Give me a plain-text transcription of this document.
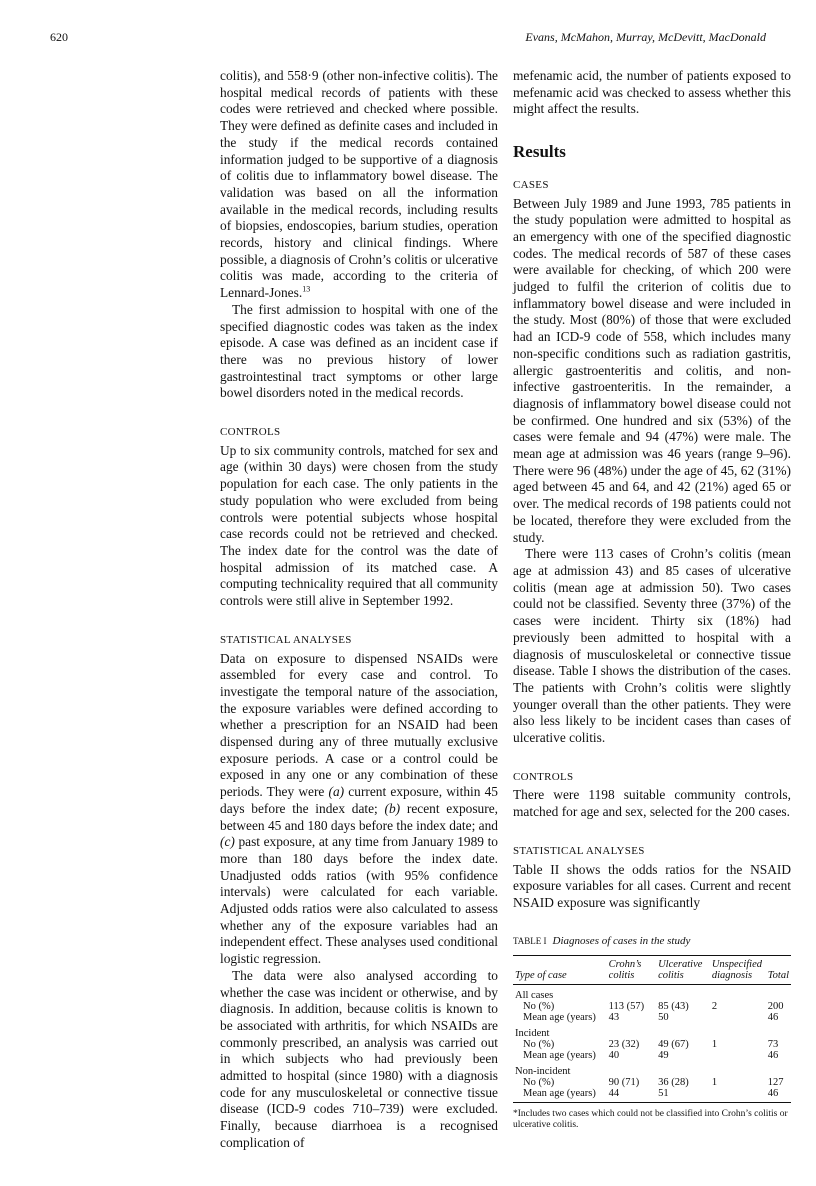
620	Evans, McMahon, Murray, McDevitt, MacDonald

colitis), and 558·9 (other non-infective colitis). The hospital medical records of patients with these codes were retrieved and checked where possible. They were defined as definite cases and included in the study if the medical records contained information judged to be supportive of a diagnosis of colitis due to inflammatory bowel disease. The validation was based on all the information available in the medical records, including results of biopsies, endoscopies, barium studies, operation records, history and clinical findings. Where possible, a diagnosis of Crohn’s colitis or ulcerative colitis was made, according to the criteria of Lennard-Jones.$^{13}$

The first admission to hospital with one of the specified diagnostic codes was taken as the index episode. A case was defined as an incident case if there was no previous history of lower gastrointestinal tract symptoms or other large bowel disorders noted in the medical records.

CONTROLS

Up to six community controls, matched for sex and age (within 30 days) were chosen from the study population for each case. The only patients in the study population who were excluded from being controls were potential subjects whose hospital case records could not be retrieved and checked. The index date for the control was the date of hospital admission of its matched case. A computing technicality required that all community controls were still alive in September 1992.

STATISTICAL ANALYSES

Data on exposure to dispensed NSAIDs were assembled for every case and control. To investigate the temporal nature of the association, the exposure variables were defined according to whether a prescription for an NSAID had been dispensed during any of three mutually exclusive exposure periods. A case or a control could be exposed in any one or any combination of these periods. They were (a) current exposure, within 45 days before the index date; (b) recent exposure, between 45 and 180 days before the index date; and (c) past exposure, at any time from January 1989 to more than 180 days before the index date. Unadjusted odds ratios (with 95% confidence intervals) were calculated for each variable. Adjusted odds ratios were also calculated to assess whether any of the exposure variables had an independent effect. These analyses used conditional logistic regression.

The data were also analysed according to whether the case was incident or otherwise, and by diagnosis. In addition, because colitis is known to be associated with arthritis, for which NSAIDs are commonly prescribed, an analysis was carried out in which subjects who had previously been admitted to hospital (since 1980) with a diagnosis code for any musculoskeletal or connective tissue disease (ICD-9 codes 710–739) were excluded. Finally, because diarrhoea is a recognised complication of

mefenamic acid, the number of patients exposed to mefenamic acid was checked to assess whether this might affect the results.

Results
CASES

Between July 1989 and June 1993, 785 patients in the study population were admitted to hospital as an emergency with one of the specified diagnostic codes. The medical records of 587 of these cases were available for checking, of which 200 were judged to fulfil the criterion of colitis due to inflammatory bowel disease and were included in the study. Most (80%) of those that were excluded had an ICD-9 code of 558, which includes many non-specific conditions such as radiation gastritis, allergic gastroenteritis and colitis, and non-infective gastroenteritis. In the remainder, a diagnosis of inflammatory bowel disease could not be confirmed. One hundred and six (53%) of the cases were female and 94 (47%) were male. The mean age at admission was 46 years (range 9–96). There were 96 (48%) under the age of 45, 62 (31%) aged between 45 and 64, and 42 (21%) aged 65 or over. The medical records of 198 patients could not be located, therefore they were excluded from the study.

There were 113 cases of Crohn’s colitis (mean age at admission 43) and 85 cases of ulcerative colitis (mean age at admission 50). Two cases could not be classified. Seventy three (37%) of the cases were incident. Thirty six (18%) had previously been admitted to hospital with a diagnosis of musculoskeletal or connective tissue disease. Table I shows the distribution of the cases. The patients with Crohn’s colitis were slightly younger overall than the other patients. They were also less likely to be incident cases than cases of ulcerative colitis.

CONTROLS

There were 1198 suitable community controls, matched for age and sex, selected for the 200 cases.

STATISTICAL ANALYSES

Table II shows the odds ratios for the NSAID exposure variables for all cases. Current and recent NSAID exposure was significantly

TABLE I Diagnoses of cases in the study
Type of case	Crohn’s colitis	Ulcerative colitis	Unspecified diagnosis	Total
All cases				
No (%)	113 (57)	85 (43)	2	200
Mean age (years)	43	50		46
Incident				
No (%)	23 (32)	49 (67)	1	73
Mean age (years)	40	49		46
Non-incident				
No (%)	90 (71)	36 (28)	1	127
Mean age (years)	44	51		46
*Includes two cases which could not be classified into Crohn’s colitis or ulcerative colitis.
